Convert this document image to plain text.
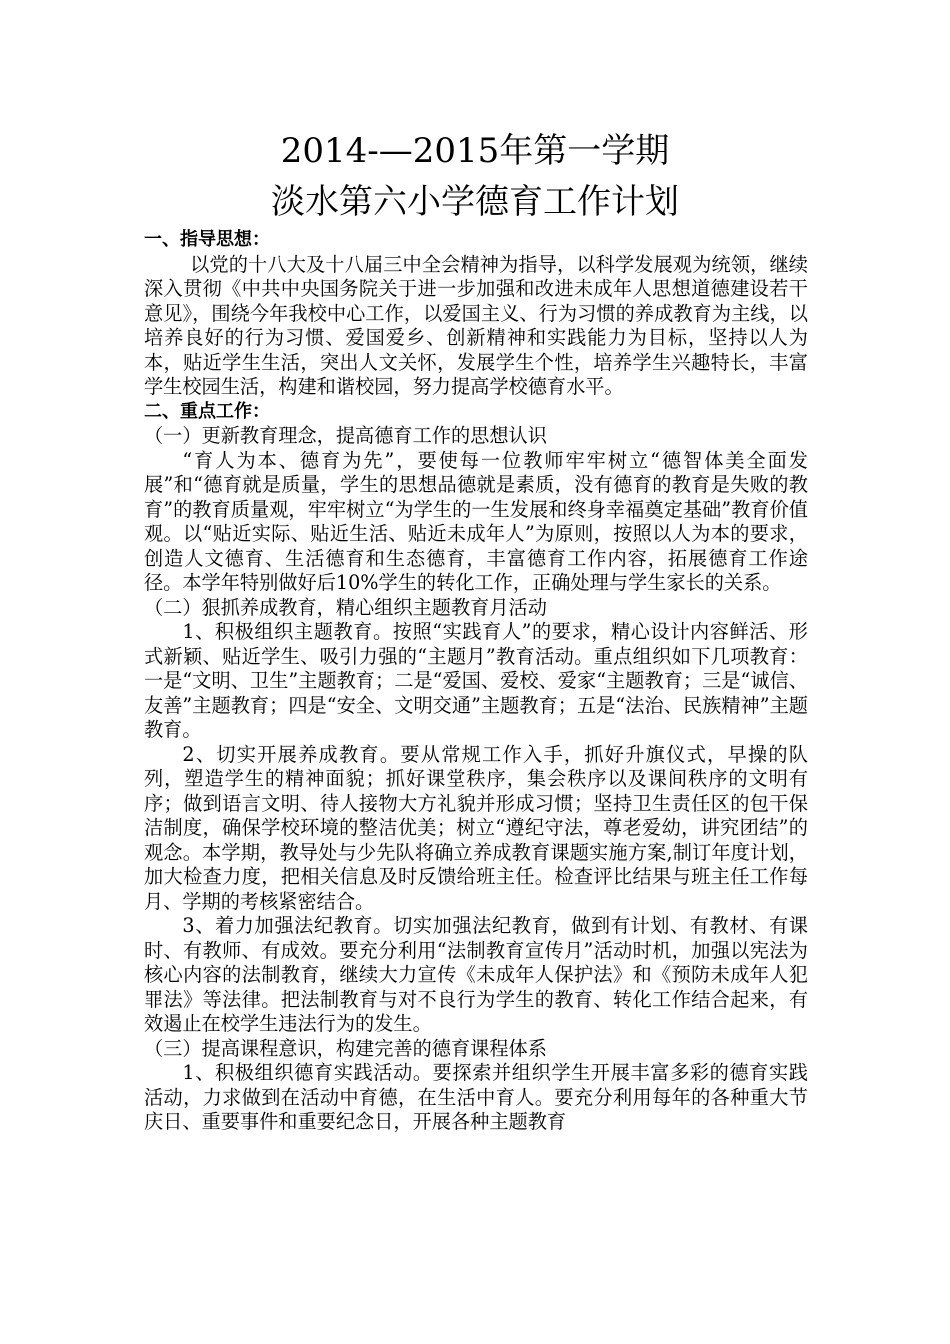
2014-—2015年第一学期
淡水第六小学德育工作计划

一、指导思想：

以党的十八大及十八届三中全会精神为指导，以科学发展观为统领，继续深入贯彻《中共中央国务院关于进一步加强和改进未成年人思想道德建设若干意见》，围绕今年我校中心工作，以爱国主义、行为习惯的养成教育为主线，以培养良好的行为习惯、爱国爱乡、创新精神和实践能力为目标，坚持以人为本，贴近学生生活，突出人文关怀，发展学生个性，培养学生兴趣特长，丰富学生校园生活，构建和谐校园，努力提高学校德育水平。

二、重点工作：

（一）更新教育理念，提高德育工作的思想认识

“育人为本、德育为先”，要使每一位教师牢牢树立“德智体美全面发展”和“德育就是质量，学生的思想品德就是素质，没有德育的教育是失败的教育”的教育质量观，牢牢树立“为学生的一生发展和终身幸福奠定基础”教育价值观。以“贴近实际、贴近生活、贴近未成年人”为原则，按照以人为本的要求，创造人文德育、生活德育和生态德育，丰富德育工作内容，拓展德育工作途径。本学年特别做好后10%学生的转化工作，正确处理与学生家长的关系。

（二）狠抓养成教育，精心组织主题教育月活动

1、积极组织主题教育。按照“实践育人”的要求，精心设计内容鲜活、形式新颖、贴近学生、吸引力强的“主题月”教育活动。重点组织如下几项教育：一是“文明、卫生”主题教育；二是“爱国、爱校、爱家“主题教育；三是“诚信、友善”主题教育；四是“安全、文明交通”主题教育；五是“法治、民族精神”主题教育。

2、切实开展养成教育。要从常规工作入手，抓好升旗仪式，早操的队列，塑造学生的精神面貌；抓好课堂秩序，集会秩序以及课间秩序的文明有序；做到语言文明、待人接物大方礼貌并形成习惯；坚持卫生责任区的包干保洁制度，确保学校环境的整洁优美；树立“遵纪守法，尊老爱幼，讲究团结”的观念。本学期，教导处与少先队将确立养成教育课题实施方案,制订年度计划，加大检查力度，把相关信息及时反馈给班主任。检查评比结果与班主任工作每月、学期的考核紧密结合。

3、着力加强法纪教育。切实加强法纪教育，做到有计划、有教材、有课时、有教师、有成效。要充分利用“法制教育宣传月”活动时机，加强以宪法为核心内容的法制教育，继续大力宣传《未成年人保护法》和《预防未成年人犯罪法》等法律。把法制教育与对不良行为学生的教育、转化工作结合起来，有效遏止在校学生违法行为的发生。

（三）提高课程意识，构建完善的德育课程体系

1、积极组织德育实践活动。要探索并组织学生开展丰富多彩的德育实践活动，力求做到在活动中育德，在生活中育人。要充分利用每年的各种重大节庆日、重要事件和重要纪念日，开展各种主题教育
